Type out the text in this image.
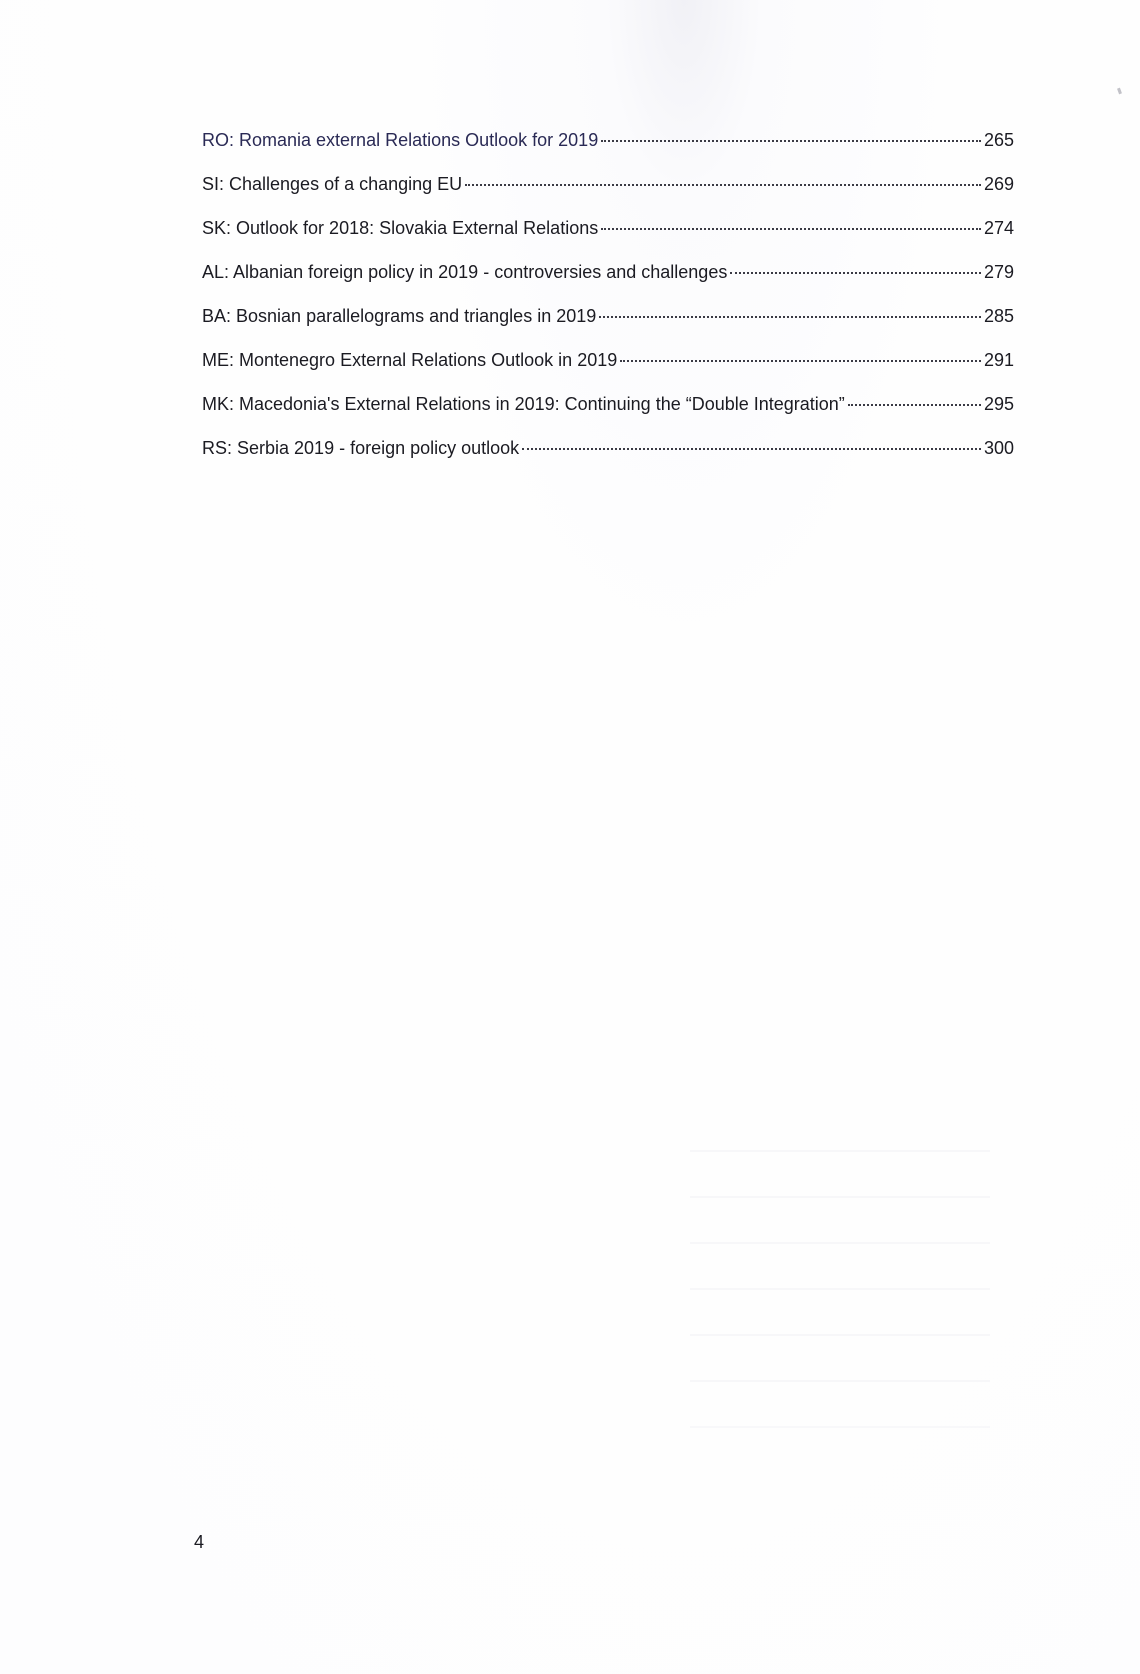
RO: Romania external Relations Outlook for 2019	265
SI: Challenges of a changing EU	269
SK: Outlook for 2018: Slovakia External Relations	274
AL: Albanian foreign policy in 2019 - controversies and challenges	279
BA: Bosnian parallelograms and triangles in 2019	285
ME: Montenegro External Relations Outlook in 2019	291
MK: Macedonia's External Relations in 2019: Continuing the “Double Integration”	295
RS: Serbia 2019 - foreign policy outlook	300
4
